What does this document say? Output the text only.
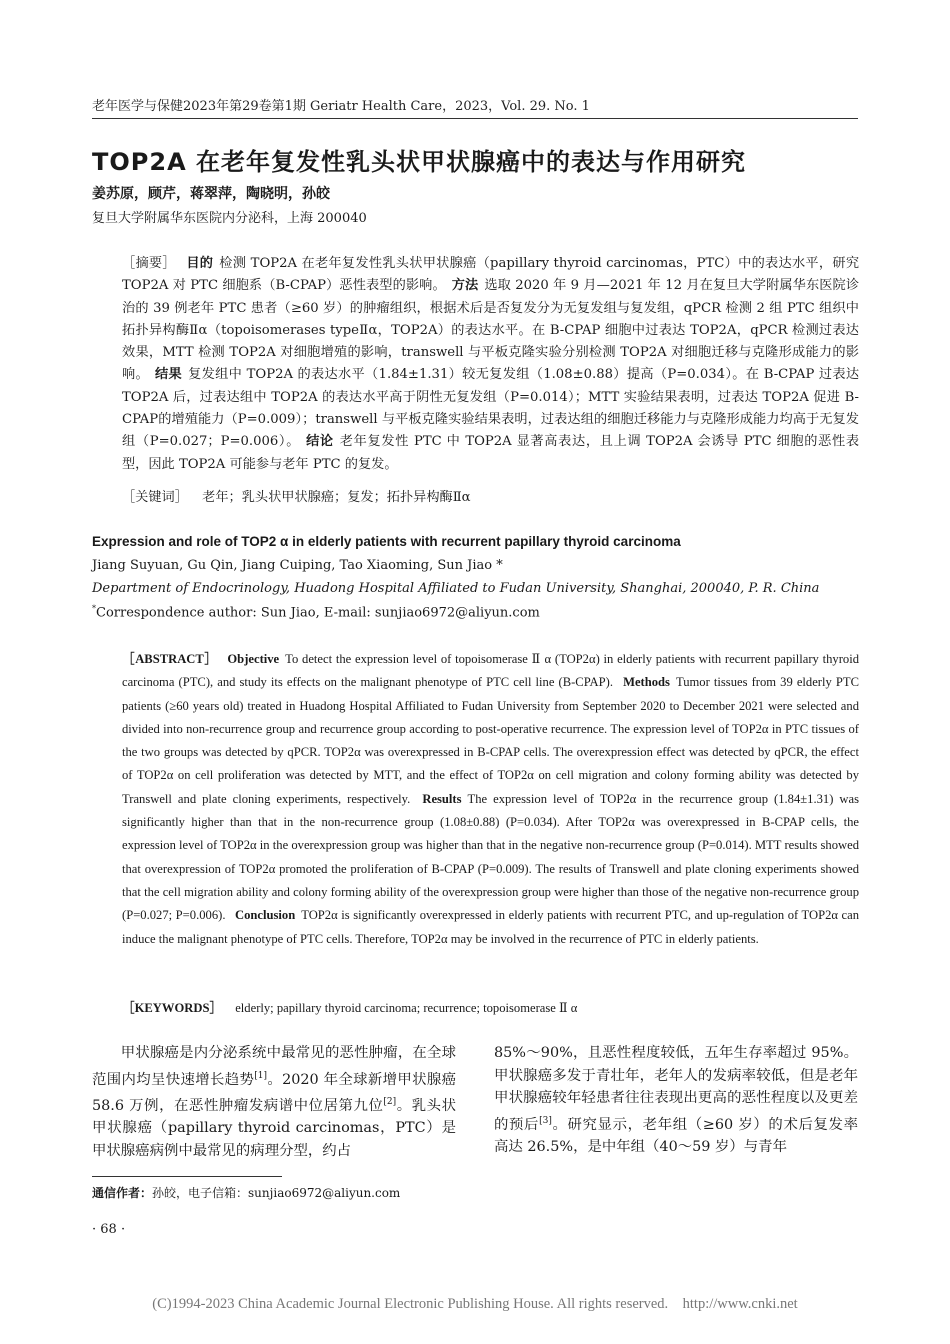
老年医学与保健2023年第29卷第1期 Geriatr Health Care，2023，Vol. 29. No. 1
TOP2A 在老年复发性乳头状甲状腺癌中的表达与作用研究
姜苏原，顾芹，蒋翠萍，陶晓明，孙皎
复旦大学附属华东医院内分泌科，上海 200040
［摘要］ 目的 检测 TOP2A 在老年复发性乳头状甲状腺癌（papillary thyroid carcinomas，PTC）中的表达水平，研究 TOP2A 对 PTC 细胞系（B-CPAP）恶性表型的影响。 方法 选取 2020 年 9 月—2021 年 12 月在复旦大学附属华东医院诊治的 39 例老年 PTC 患者（≥60 岁）的肿瘤组织，根据术后是否复发分为无复发组与复发组，qPCR 检测 2 组 PTC 组织中拓扑异构酶Ⅱα（topoisomerases typeⅡα，TOP2A）的表达水平。在 B-CPAP 细胞中过表达 TOP2A，qPCR 检测过表达效果，MTT 检测 TOP2A 对细胞增殖的影响，transwell 与平板克隆实验分别检测 TOP2A 对细胞迁移与克隆形成能力的影响。 结果 复发组中 TOP2A 的表达水平（1.84±1.31）较无复发组（1.08±0.88）提高（P=0.034）。在 B-CPAP 过表达 TOP2A 后，过表达组中 TOP2A 的表达水平高于阴性无复发组（P=0.014）；MTT 实验结果表明，过表达 TOP2A 促进 B-CPAP的增殖能力（P=0.009）；transwell 与平板克隆实验结果表明，过表达组的细胞迁移能力与克隆形成能力均高于无复发组（P=0.027；P=0.006）。 结论 老年复发性 PTC 中 TOP2A 显著高表达，且上调 TOP2A 会诱导 PTC 细胞的恶性表型，因此 TOP2A 可能参与老年 PTC 的复发。
［关键词］ 老年；乳头状甲状腺癌；复发；拓扑异构酶Ⅱα
Expression and role of TOP2 α in elderly patients with recurrent papillary thyroid carcinoma
Jiang Suyuan, Gu Qin, Jiang Cuiping, Tao Xiaoming, Sun Jiao *
Department of Endocrinology, Huadong Hospital Affiliated to Fudan University, Shanghai, 200040, P. R. China
*Correspondence author: Sun Jiao, E-mail: sunjiao6972@aliyun.com
［ABSTRACT］ Objective To detect the expression level of topoisomerase Ⅱ α (TOP2α) in elderly patients with recurrent papillary thyroid carcinoma (PTC), and study its effects on the malignant phenotype of PTC cell line (B-CPAP). Methods Tumor tissues from 39 elderly PTC patients (≥60 years old) treated in Huadong Hospital Affiliated to Fudan University from September 2020 to December 2021 were selected and divided into non-recurrence group and recurrence group according to post-operative recurrence. The expression level of TOP2α in PTC tissues of the two groups was detected by qPCR. TOP2α was overexpressed in B-CPAP cells. The overexpression effect was detected by qPCR, the effect of TOP2α on cell proliferation was detected by MTT, and the effect of TOP2α on cell migration and colony forming ability was detected by Transwell and plate cloning experiments, respectively. Results The expression level of TOP2α in the recurrence group (1.84±1.31) was significantly higher than that in the non-recurrence group (1.08±0.88) (P=0.034). After TOP2α was overexpressed in B-CPAP cells, the expression level of TOP2α in the overexpression group was higher than that in the negative non-recurrence group (P=0.014). MTT results showed that overexpression of TOP2α promoted the proliferation of B-CPAP (P=0.009). The results of Transwell and plate cloning experiments showed that the cell migration ability and colony forming ability of the overexpression group were higher than those of the negative non-recurrence group (P=0.027; P=0.006). Conclusion TOP2α is significantly overexpressed in elderly patients with recurrent PTC, and up-regulation of TOP2α can induce the malignant phenotype of PTC cells. Therefore, TOP2α may be involved in the recurrence of PTC in elderly patients.
［KEYWORDS］ elderly; papillary thyroid carcinoma; recurrence; topoisomerase Ⅱ α
甲状腺癌是内分泌系统中最常见的恶性肿瘤，在全球范围内均呈快速增长趋势[1]。2020 年全球新增甲状腺癌 58.6 万例，在恶性肿瘤发病谱中位居第九位[2]。乳头状甲状腺癌（papillary thyroid carcinomas，PTC）是甲状腺癌病例中最常见的病理分型，约占
85%～90%，且恶性程度较低，五年生存率超过 95%。甲状腺癌多发于青壮年，老年人的发病率较低，但是老年甲状腺癌较年轻患者往往表现出更高的恶性程度以及更差的预后[3]。研究显示，老年组（≥60 岁）的术后复发率高达 26.5%，是中年组（40～59 岁）与青年
通信作者：孙皎，电子信箱：sunjiao6972@aliyun.com
· 68 ·
(C)1994-2023 China Academic Journal Electronic Publishing House. All rights reserved.    http://www.cnki.net
